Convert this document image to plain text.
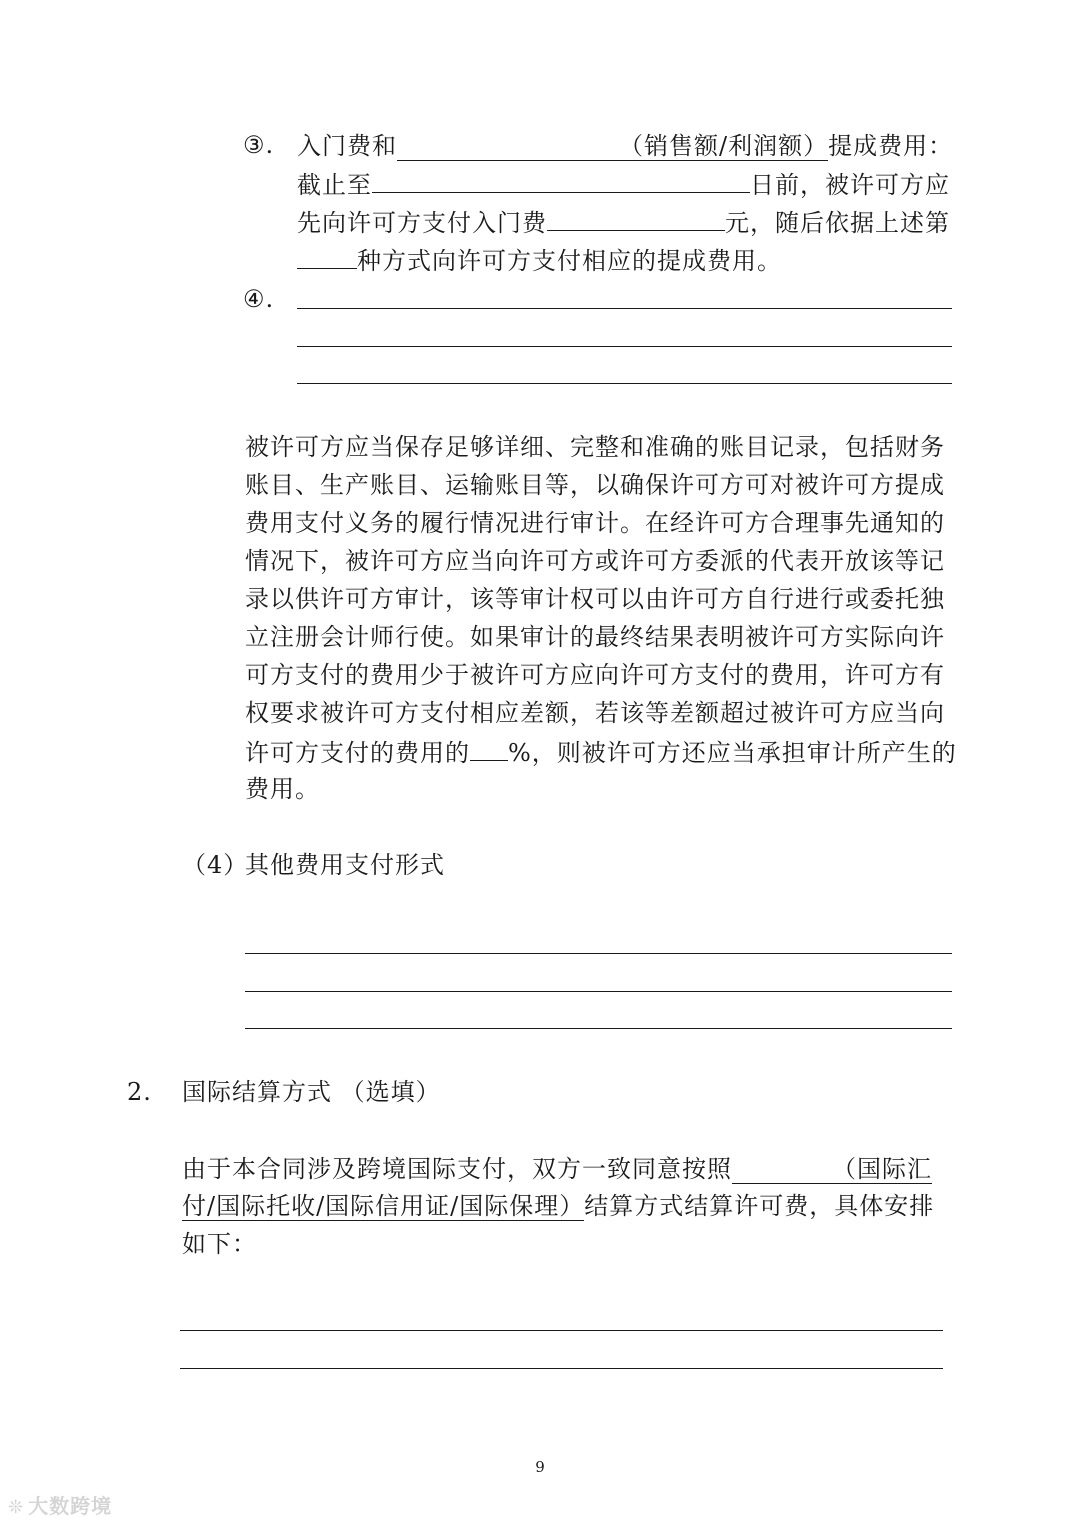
③. 入门费和	（销售额/利润额）提成费用：
截止至	日前，被许可方应
先向许可方支付入门费	元，随后依据上述第
种方式向许可方支付相应的提成费用。
④.
被许可方应当保存足够详细、完整和准确的账目记录，包括财务
账目、生产账目、运输账目等，以确保许可方可对被许可方提成
费用支付义务的履行情况进行审计。在经许可方合理事先通知的
情况下，被许可方应当向许可方或许可方委派的代表开放该等记
录以供许可方审计，该等审计权可以由许可方自行进行或委托独
立注册会计师行使。如果审计的最终结果表明被许可方实际向许
可方支付的费用少于被许可方应向许可方支付的费用，许可方有
权要求被许可方支付相应差额，若该等差额超过被许可方应当向
许可方支付的费用的 %，则被许可方还应当承担审计所产生的
费用。
（4）
其他费用支付形式
2. 国际结算方式 （选填）
由于本合同涉及跨境国际支付，双方一致同意按照	（国际汇
付/国际托收/国际信用证/国际保理）结算方式结算许可费，具体安排
如下：
9
❊ 大数跨境
